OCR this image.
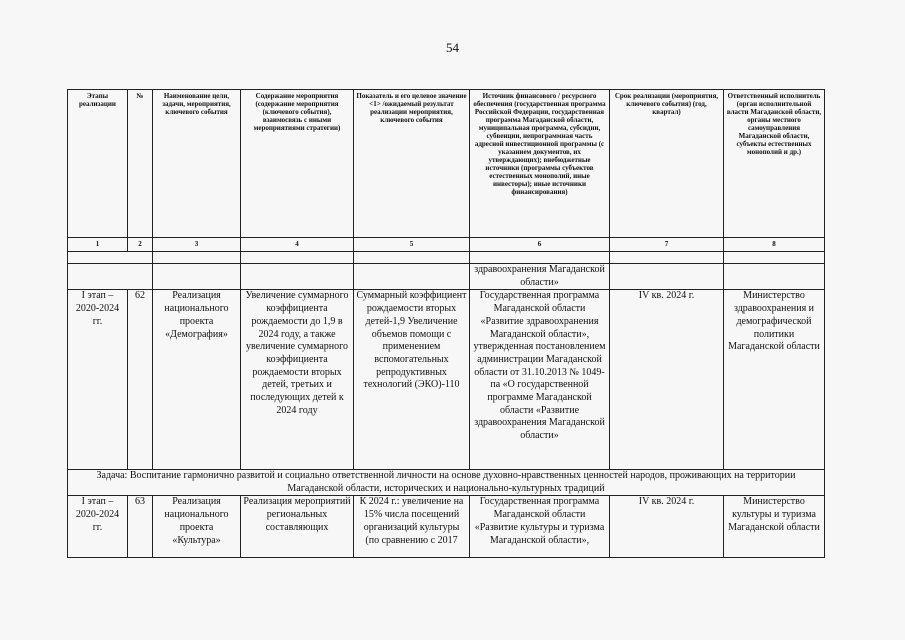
54
Этапы реализации	№	Наименование цели, задачи, мероприятия, ключевого события	Содержание мероприятия (содержание мероприятия (ключевого события), взаимосвязь с иными мероприятиями стратегии)	Показатель и его целевое значение <1> /ожидаемый результат реализации мероприятия, ключевого события	Источник финансового / ресурсного обеспечения (государственная программа Российской Федерации, государственная программа Магаданской области, муниципальная программа, субсидии, субвенции, непрограммная часть адресной инвестиционной программы (с указанием документов, их утверждающих); внебюджетные источники (программы субъектов естественных монополий, иные инвесторы); иные источники финансирования)	Срок реализации (мероприятия, ключевого события) (год, квартал)	Ответственный исполнитель (орган исполнительной власти Магаданской области, органы местного самоуправления Магаданской области, субъекты естественных монополий и др.)
1	2	3	4	5	6	7	8

					здравоохранения Магаданской области»		
I этап – 2020-2024 гг.	62	Реализация национального проекта «Демография»	Увеличение суммарного коэффициента рождаемости до 1,9 в 2024 году, а также увеличение суммарного коэффициента рождаемости вторых детей, третьих и последующих детей к 2024 году	Суммарный коэффициент рождаемости вторых детей-1,9 Увеличение объемов помощи с применением вспомогательных репродуктивных технологий (ЭКО)-110	Государственная программа Магаданской области «Развитие здравоохранения Магаданской области», утвержденная постановлением администрации Магаданской области от 31.10.2013 № 1049-па «О государственной программе Магаданской области «Развитие здравоохранения Магаданской области»	IV кв. 2024 г.	Министерство здравоохранения и демографической политики Магаданской области
Задача: Воспитание гармонично развитой и социально ответственной личности на основе духовно-нравственных ценностей народов, проживающих на территории Магаданской области, исторических и национально-культурных традиций							
I этап – 2020-2024 гг.	63	Реализация национального проекта «Культура»	Реализация мероприятий региональных составляющих	К 2024 г.: увеличение на 15% числа посещений организаций культуры (по сравнению с 2017	Государственная программа Магаданской области «Развитие культуры и туризма Магаданской области»,	IV кв. 2024 г.	Министерство культуры и туризма Магаданской области
